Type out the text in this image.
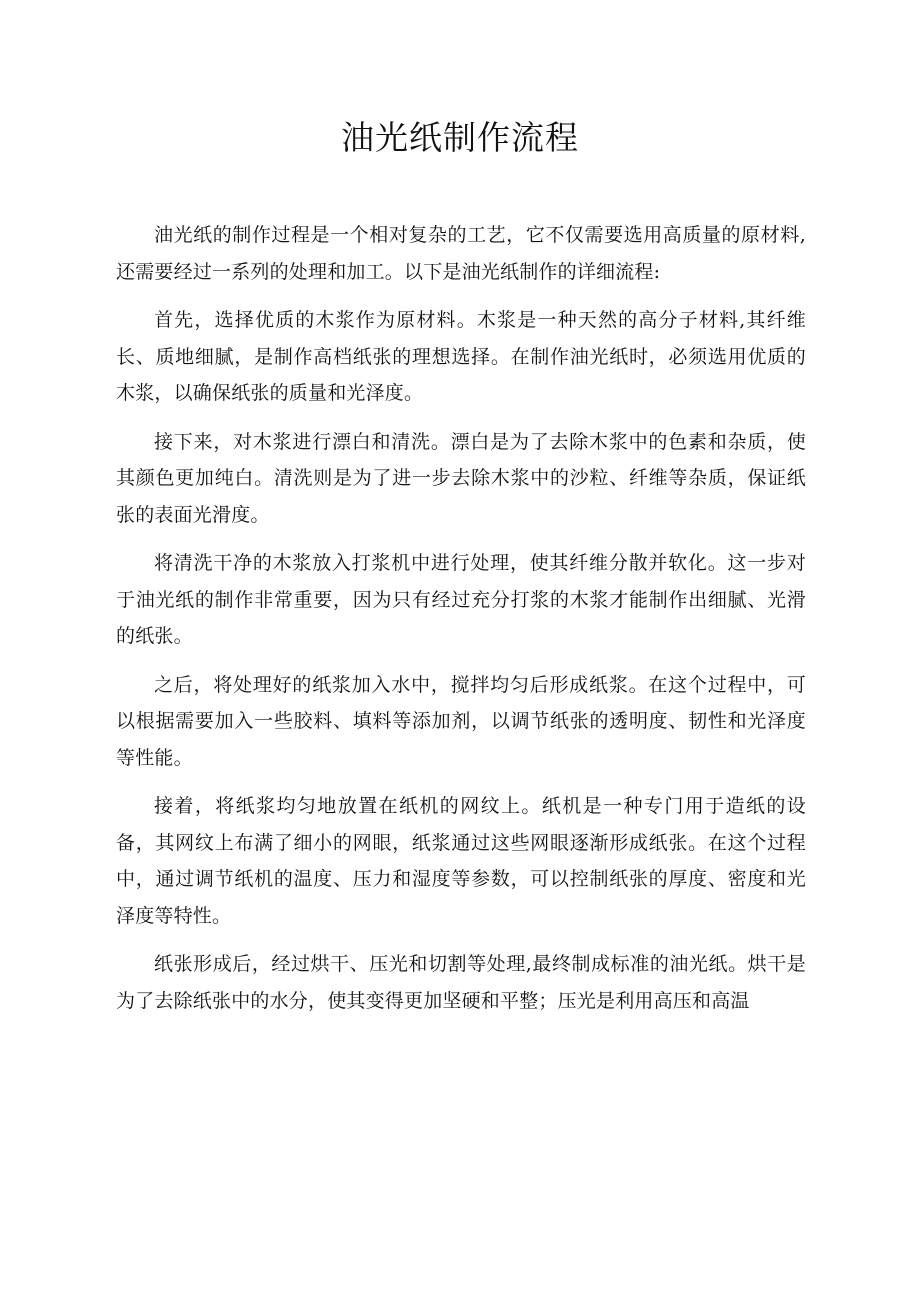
油光纸制作流程

油光纸的制作过程是一个相对复杂的工艺，它不仅需要选用高质量的原材料,还需要经过一系列的处理和加工。以下是油光纸制作的详细流程:

首先，选择优质的木浆作为原材料。木浆是一种天然的高分子材料,其纤维长、质地细腻，是制作高档纸张的理想选择。在制作油光纸时，必须选用优质的木浆，以确保纸张的质量和光泽度。

接下来，对木浆进行漂白和清洗。漂白是为了去除木浆中的色素和杂质，使其颜色更加纯白。清洗则是为了进一步去除木浆中的沙粒、纤维等杂质，保证纸张的表面光滑度。

将清洗干净的木浆放入打浆机中进行处理，使其纤维分散并软化。这一步对于油光纸的制作非常重要，因为只有经过充分打浆的木浆才能制作出细腻、光滑的纸张。

之后，将处理好的纸浆加入水中，搅拌均匀后形成纸浆。在这个过程中，可以根据需要加入一些胶料、填料等添加剂，以调节纸张的透明度、韧性和光泽度等性能。

接着，将纸浆均匀地放置在纸机的网纹上。纸机是一种专门用于造纸的设备，其网纹上布满了细小的网眼，纸浆通过这些网眼逐渐形成纸张。在这个过程中，通过调节纸机的温度、压力和湿度等参数，可以控制纸张的厚度、密度和光泽度等特性。

纸张形成后，经过烘干、压光和切割等处理,最终制成标准的油光纸。烘干是为了去除纸张中的水分，使其变得更加坚硬和平整；压光是利用高压和高温
